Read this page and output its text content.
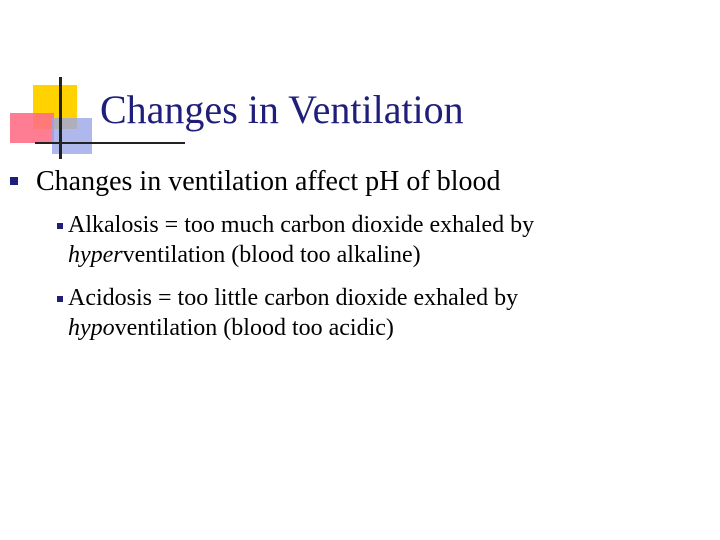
Changes in Ventilation
Changes in ventilation affect pH of blood
Alkalosis = too much carbon dioxide exhaled by
hyperventilation (blood too alkaline)
Acidosis = too little carbon dioxide exhaled by
hypoventilation (blood too acidic)
